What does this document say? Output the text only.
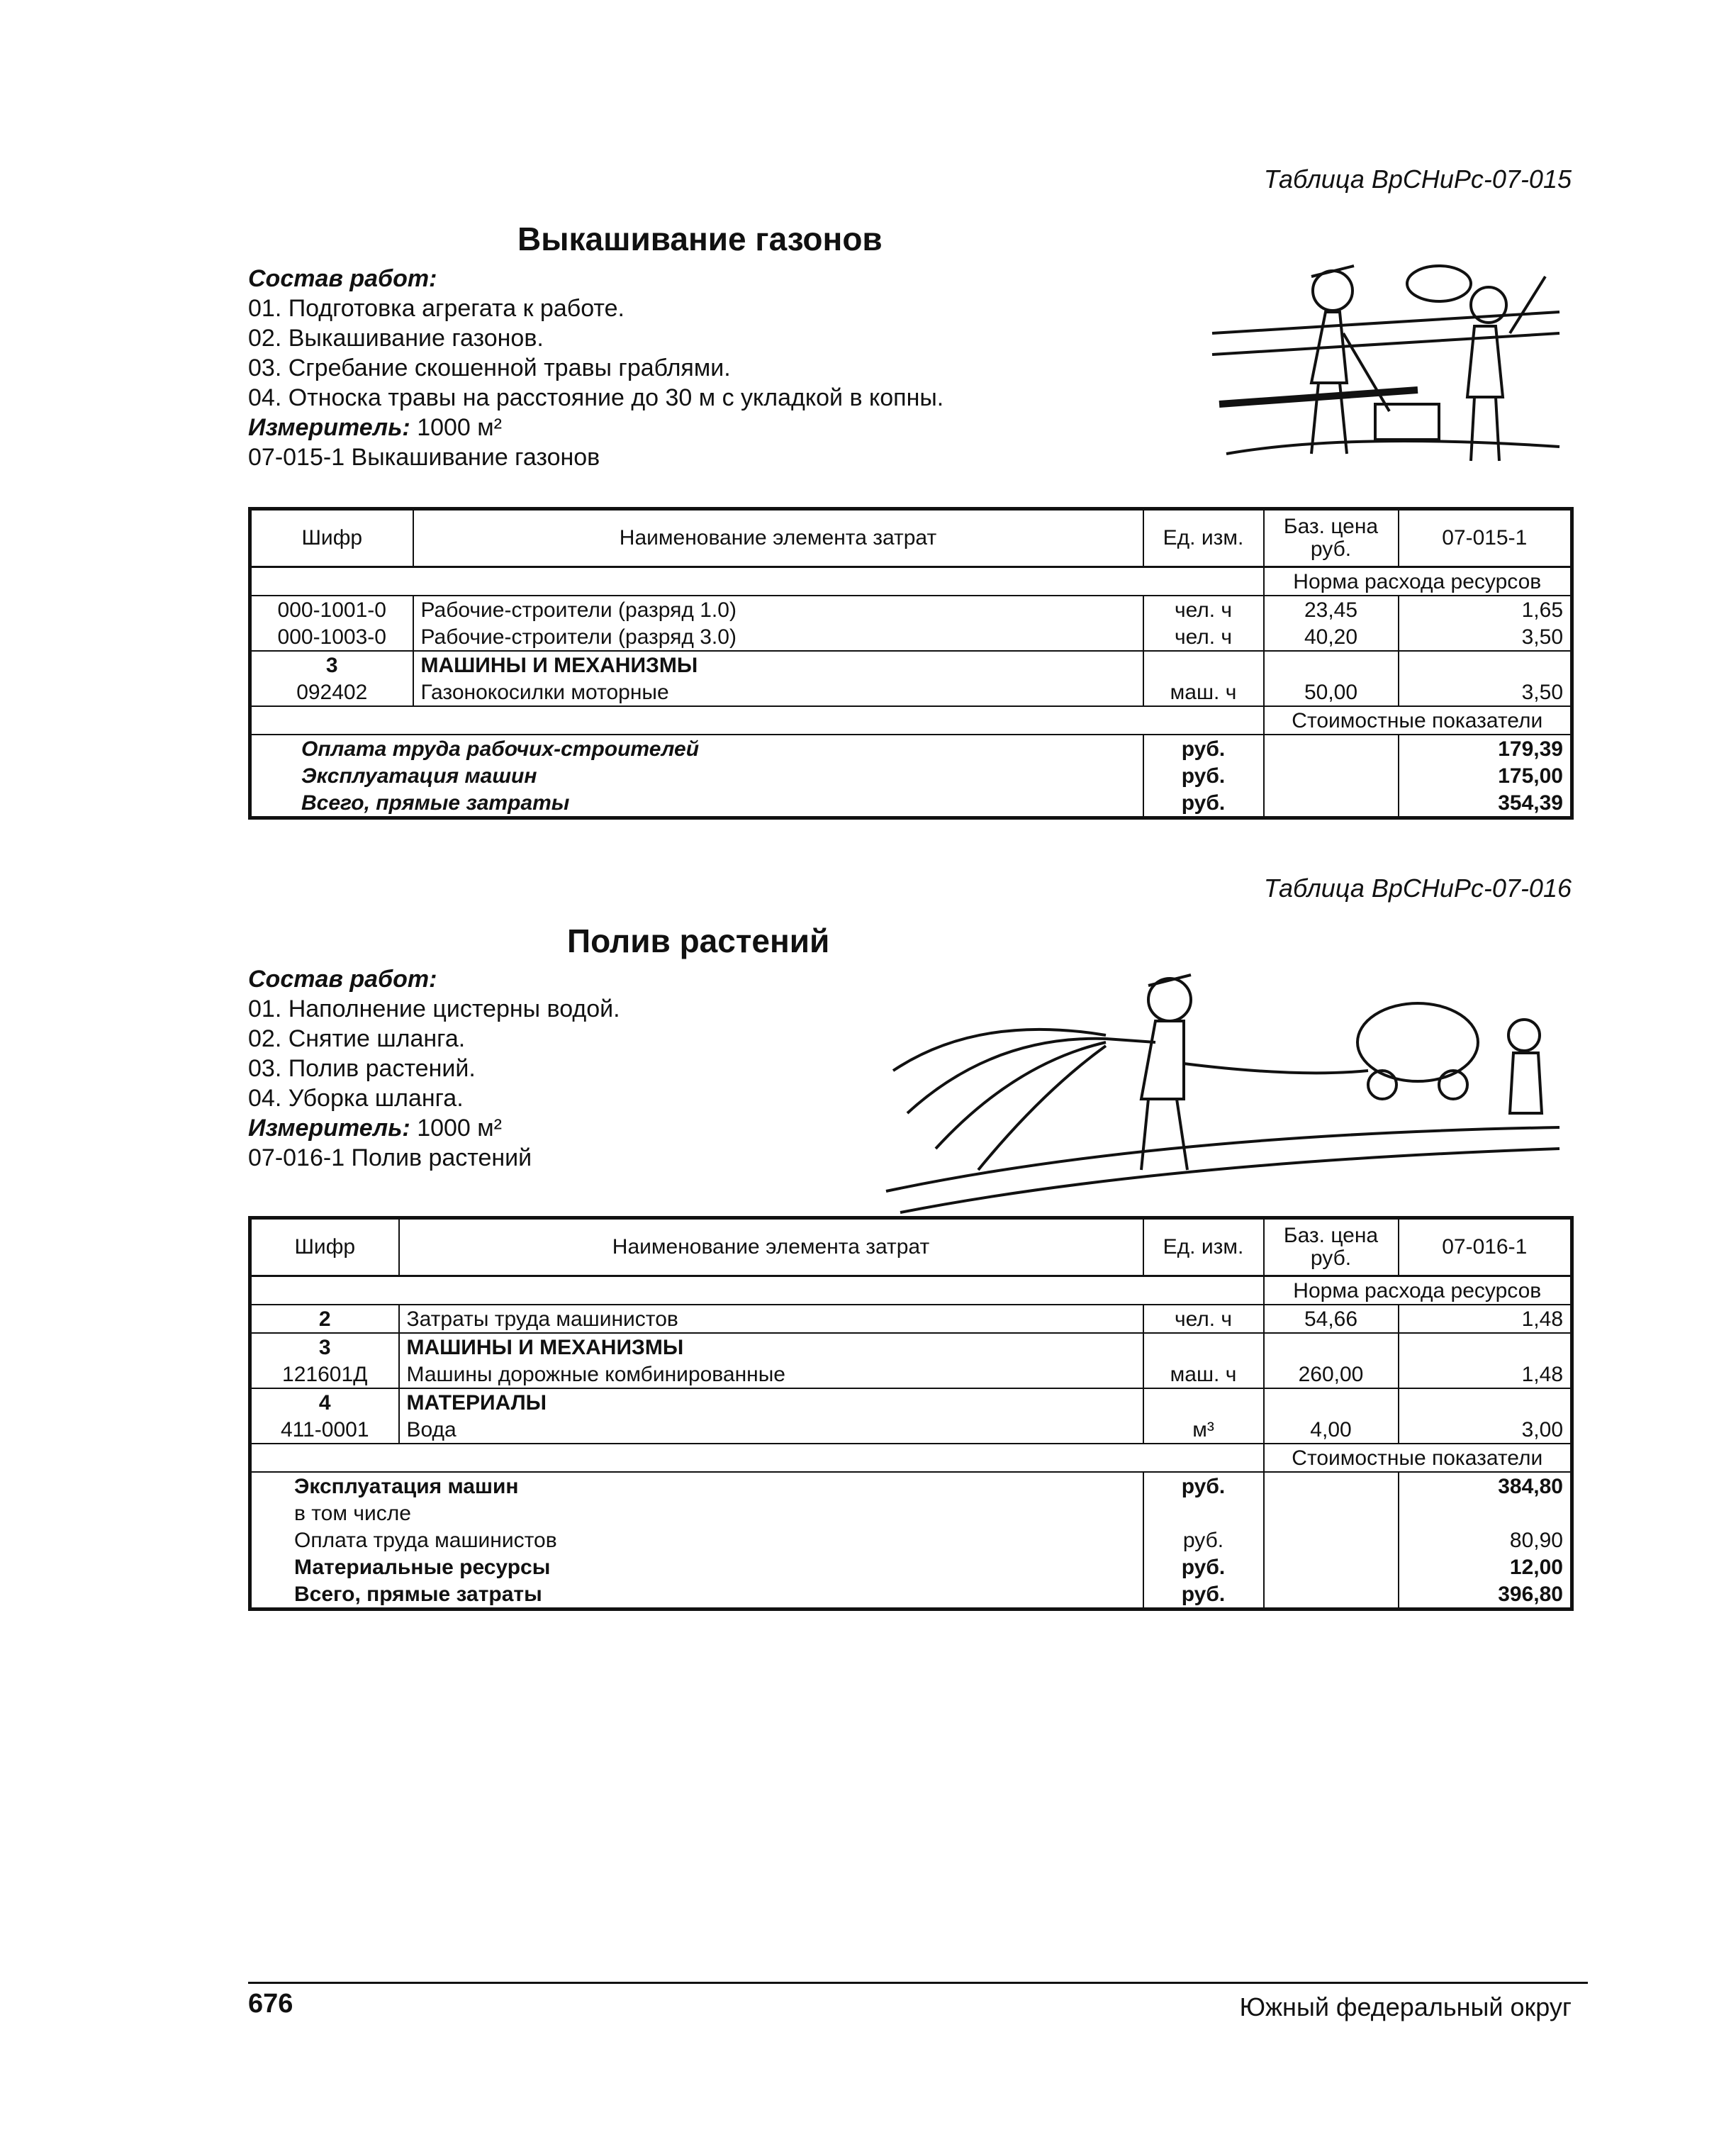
Таблица ВрСНиРс-07-015
Выкашивание газонов
Состав работ:
01. Подготовка агрегата к работе.
02. Выкашивание газонов.
03. Сгребание скошенной травы граблями.
04. Относка травы на расстояние до 30 м с укладкой в копны.
Измеритель: 1000 м²
07-015-1 Выкашивание газонов
Шифр	Наименование элемента затрат	Ед. изм.	Баз. цена руб.	07-015-1
			Норма расхода ресурсов	
000-1001-0	Рабочие-строители (разряд 1.0)	чел. ч	23,45	1,65
000-1003-0	Рабочие-строители (разряд 3.0)	чел. ч	40,20	3,50
3	МАШИНЫ И МЕХАНИЗМЫ			
092402	Газонокосилки моторные	маш. ч	50,00	3,50
			Стоимостные показатели	
Оплата труда рабочих-строителей		руб.		179,39
Эксплуатация машин		руб.		175,00
Всего, прямые затраты		руб.		354,39
Таблица ВрСНиРс-07-016
Полив растений
Состав работ:
01. Наполнение цистерны водой.
02. Снятие шланга.
03. Полив растений.
04. Уборка шланга.
Измеритель: 1000 м²
07-016-1 Полив растений
Шифр	Наименование элемента затрат	Ед. изм.	Баз. цена руб.	07-016-1
			Норма расхода ресурсов	
2	Затраты труда машинистов	чел. ч	54,66	1,48
3	МАШИНЫ И МЕХАНИЗМЫ			
121601Д	Машины дорожные комбинированные	маш. ч	260,00	1,48
4	МАТЕРИАЛЫ			
411-0001	Вода	м³	4,00	3,00
			Стоимостные показатели	
Эксплуатация машин		руб.		384,80
в том числе				
Оплата труда машинистов		руб.		80,90
Материальные ресурсы		руб.		12,00
Всего, прямые затраты		руб.		396,80
676	Южный федеральный округ
